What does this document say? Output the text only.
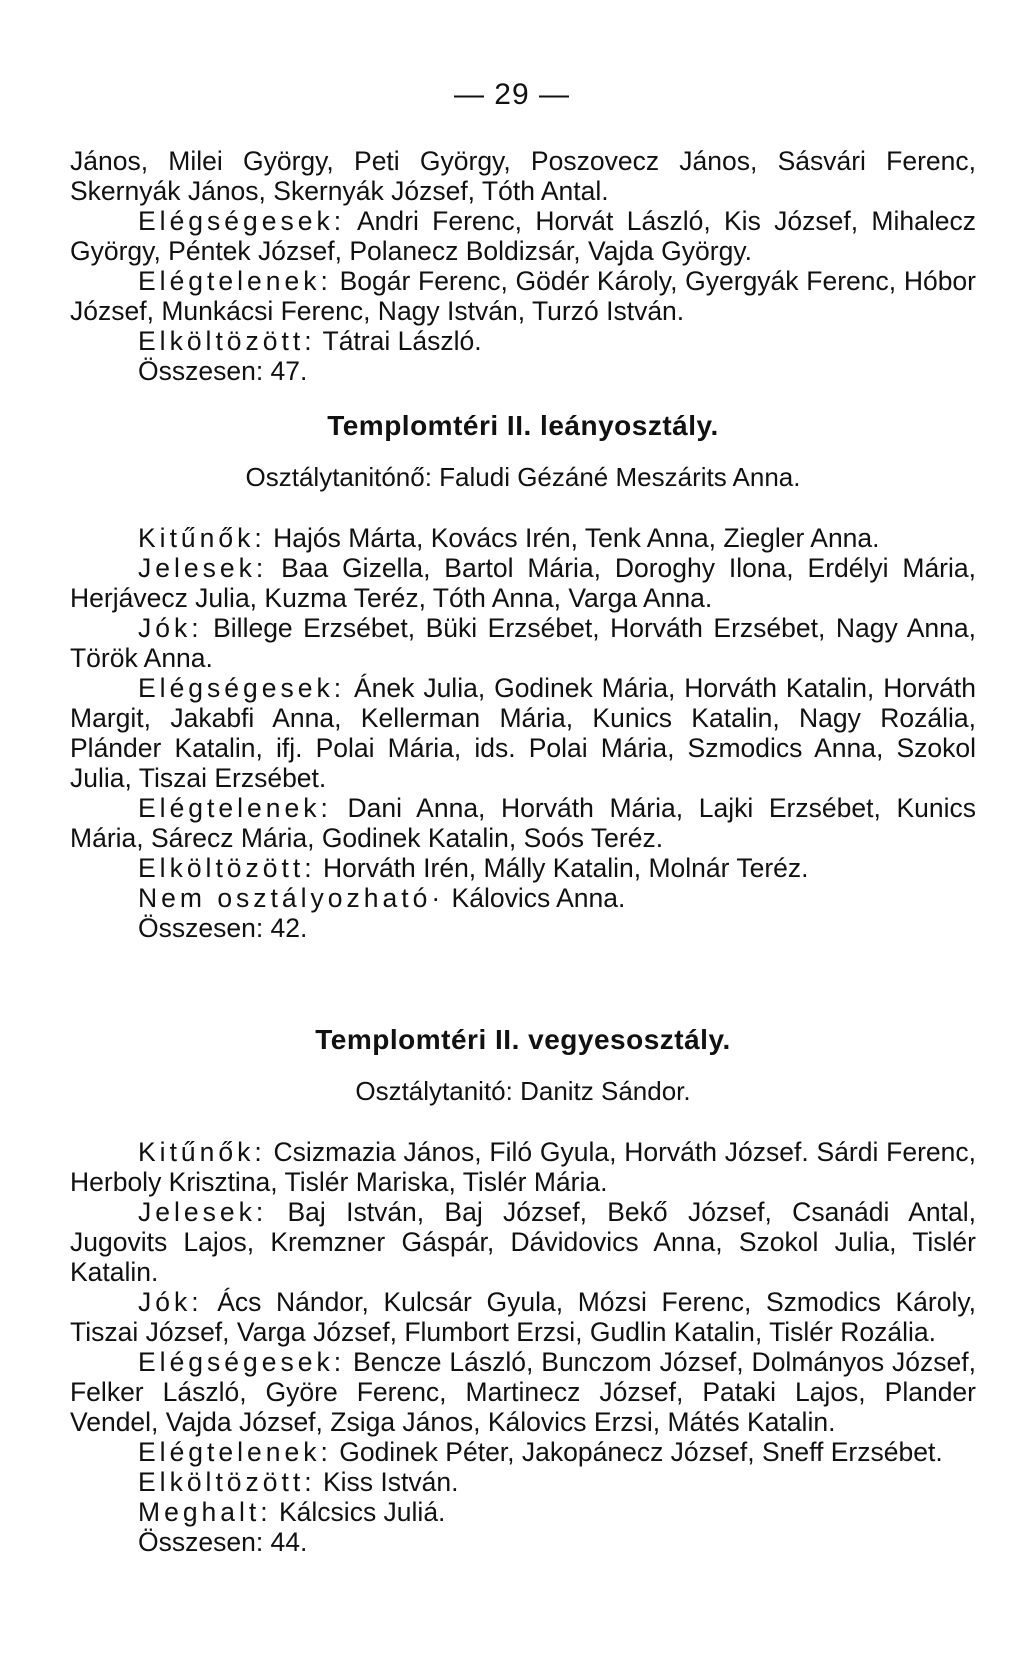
— 29 —

János, Milei György, Peti György, Poszovecz János, Sásvári Ferenc, Skernyák János, Skernyák József, Tóth Antal.

Elégségesek: Andri Ferenc, Horvát László, Kis József, Mihalecz György, Péntek József, Polanecz Boldizsár, Vajda György.

Elégtelenek: Bogár Ferenc, Gödér Károly, Gyergyák Ferenc, Hóbor József, Munkácsi Ferenc, Nagy István, Turzó István.

Elköltözött: Tátrai László.

Összesen: 47.

Templomtéri II. leányosztály.

Osztálytanitónő: Faludi Gézáné Meszárits Anna.

Kitűnők: Hajós Márta, Kovács Irén, Tenk Anna, Ziegler Anna.

Jelesek: Baa Gizella, Bartol Mária, Doroghy Ilona, Erdélyi Mária, Herjávecz Julia, Kuzma Teréz, Tóth Anna, Varga Anna.

Jók: Billege Erzsébet, Büki Erzsébet, Horváth Erzsébet, Nagy Anna, Török Anna.

Elégségesek: Ánek Julia, Godinek Mária, Horváth Katalin, Horváth Margit, Jakabfi Anna, Kellerman Mária, Kunics Katalin, Nagy Rozália, Plánder Katalin, ifj. Polai Mária, ids. Polai Mária, Szmodics Anna, Szokol Julia, Tiszai Erzsébet.

Elégtelenek: Dani Anna, Horváth Mária, Lajki Erzsébet, Kunics Mária, Sárecz Mária, Godinek Katalin, Soós Teréz.

Elköltözött: Horváth Irén, Mállу Katalin, Molnár Teréz.

Nem osztályozható· Kálovics Anna.

Összesen: 42.

Templomtéri II. vegyesosztály.

Osztálytanitó: Danitz Sándor.

Kitűnők: Csizmazia János, Filó Gyula, Horváth József. Sárdi Ferenc, Herboly Krisztina, Tislér Mariska, Tislér Mária.

Jelesek: Baj István, Baj József, Bekő József, Csanádi Antal, Jugovits Lajos, Kremzner Gáspár, Dávidovics Anna, Szokol Julia, Tislér Katalin.

Jók: Ács Nándor, Kulcsár Gyula, Mózsi Ferenc, Szmodics Károly, Tiszai József, Varga József, Flumbort Erzsi, Gudlin Katalin, Tislér Rozália.

Elégségesek: Bencze László, Bunczom József, Dolmányos József, Felker László, Györe Ferenc, Martinecz József, Pataki Lajos, Plander Vendel, Vajda József, Zsiga János, Kálovics Erzsi, Mátés Katalin.

Elégtelenek: Godinek Péter, Jakopánecz József, Sneff Erzsébet.

Elköltözött: Kiss István.

Meghalt: Kálcsics Juliá.

Összesen: 44.
